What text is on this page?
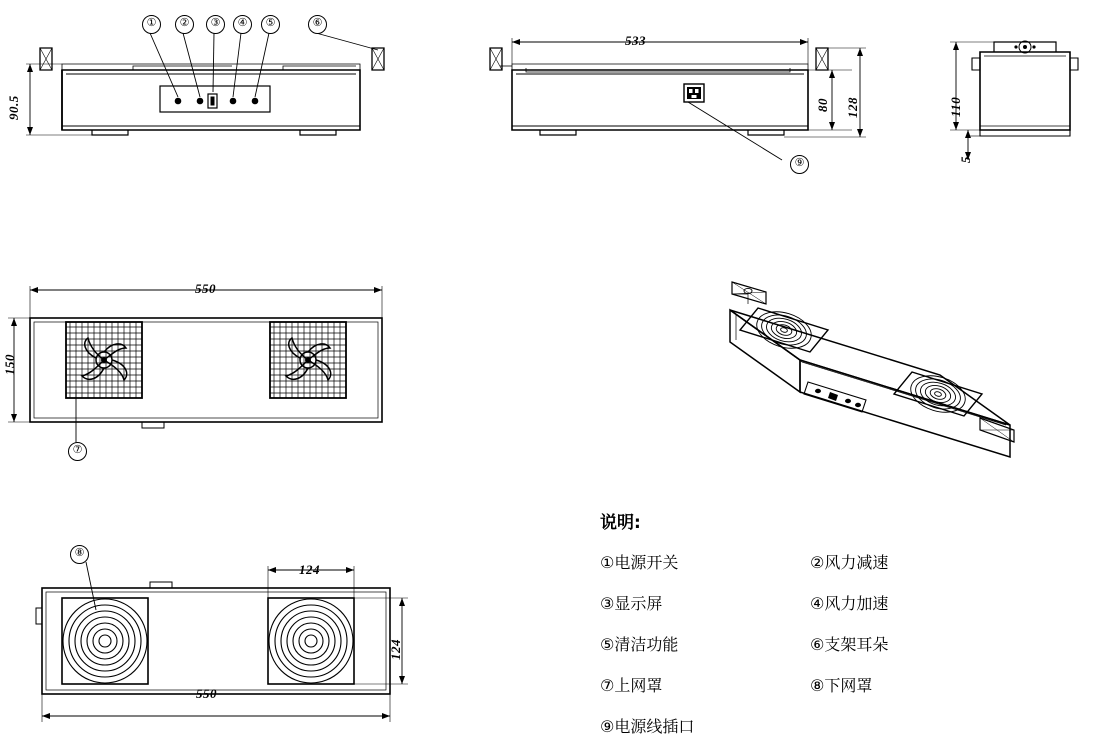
①	②	③	④	⑤	⑥
90.5
533
80 128
⑨
110
5
550
150
⑦
⑧
124
124
550
说明:
①电源开关	②风力减速
③显示屏	④风力加速
⑤清洁功能	⑥支架耳朵
⑦上网罩	⑧下网罩
⑨电源线插口
